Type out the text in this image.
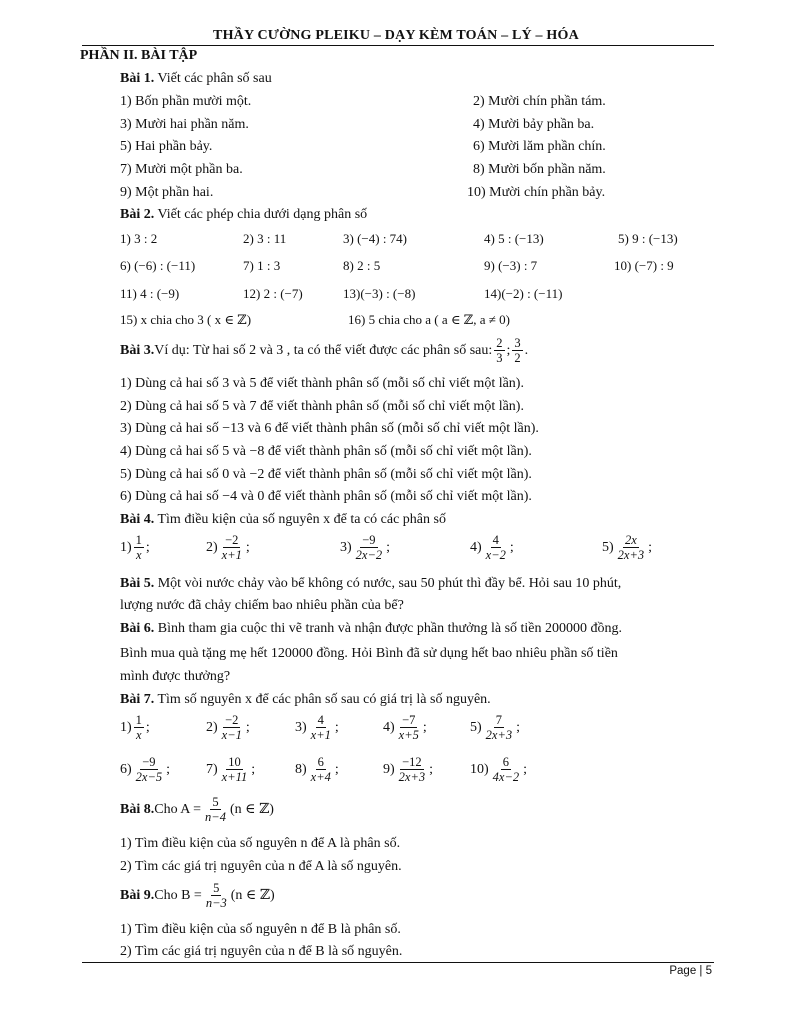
THẦY CƯỜNG PLEIKU – DẠY KÈM TOÁN – LÝ – HÓA
PHẦN II. BÀI TẬP
Bài 1. Viết các phân số sau
1) Bốn phần mười một.	2) Mười chín phần tám.
3) Mười hai phần năm.	4) Mười bảy phần ba.
5) Hai phần bảy.	6) Mười lăm phần chín.
7) Mười một phần ba.	8) Mười bốn phần năm.
9) Một phần hai.	10) Mười chín phần bảy.
Bài 2. Viết các phép chia dưới dạng phân số
1) 3 : 2	2) 3 : 11	3) (−4) : 74)	4) 5 : (−13)	5) 9 : (−13)
6) (−6) : (−11)	7) 1 : 3	8) 2 : 5	9) (−3) : 7	10) (−7) : 9
11) 4 : (−9)	12) 2 : (−7)	13)(−3) : (−8)	14)(−2) : (−11)
15) x chia cho 3 ( x ∈ ℤ)	16) 5 chia cho a ( a ∈ ℤ, a ≠ 0)
Bài 3. Ví dụ: Từ hai số 2 và 3 , ta có thể viết được các phân số sau: $\frac{2}{3}$ ; $\frac{3}{2}$ .
1) Dùng cả hai số 3 và 5 để viết thành phân số (mỗi số chỉ viết một lần).
2) Dùng cả hai số 5 và 7 để viết thành phân số (mỗi số chỉ viết một lần).
3) Dùng cả hai số −13 và 6 để viết thành phân số (mỗi số chỉ viết một lần).
4) Dùng cả hai số 5 và −8 để viết thành phân số (mỗi số chỉ viết một lần).
5) Dùng cả hai số 0 và −2 để viết thành phân số (mỗi số chỉ viết một lần).
6) Dùng cả hai số −4 và 0 để viết thành phân số (mỗi số chỉ viết một lần).
Bài 4. Tìm điều kiện của số nguyên x để ta có các phân số
$1) \frac{1}{x}$ ;	$2) \frac{-2}{x+1}$ ;	$3) \frac{-9}{2x-2}$ ;	$4) \frac{4}{x-2}$ ;	$5) \frac{2x}{2x+3}$ ;
Bài 5. Một vòi nước chảy vào bể không có nước, sau 50 phút thì đầy bể. Hỏi sau 10 phút,
lượng nước đã chảy chiếm bao nhiêu phần của bể?
Bài 6. Bình tham gia cuộc thi vẽ tranh và nhận được phần thưởng là số tiền 200000 đồng.
Bình mua quà tặng mẹ hết 120000 đồng. Hỏi Bình đã sử dụng hết bao nhiêu phần số tiền
mình được thưởng?
Bài 7. Tìm số nguyên x để các phân số sau có giá trị là số nguyên.
$1) \frac{1}{x}$ ;	$2) \frac{-2}{x-1}$ ;	$3) \frac{4}{x+1}$ ;	$4) \frac{-7}{x+5}$ ;	$5) \frac{7}{2x+3}$ ;
$6) \frac{-9}{2x-5}$ ;	$7) \frac{10}{x+11}$ ;	$8) \frac{6}{x+4}$ ;	$9) \frac{-12}{2x+3}$ ;	$10) \frac{6}{4x-2}$ ;
Bài 8. Cho $A = \frac{5}{n-4} (n$ ∈ ℤ)
1) Tìm điều kiện của số nguyên n để A là phân số.
2) Tìm các giá trị nguyên của n để A là số nguyên.
Bài 9. Cho $B = \frac{5}{n-3} (n$ ∈ ℤ)
1) Tìm điều kiện của số nguyên n để B là phân số.
2) Tìm các giá trị nguyên của n để B là số nguyên.
Page | 5
